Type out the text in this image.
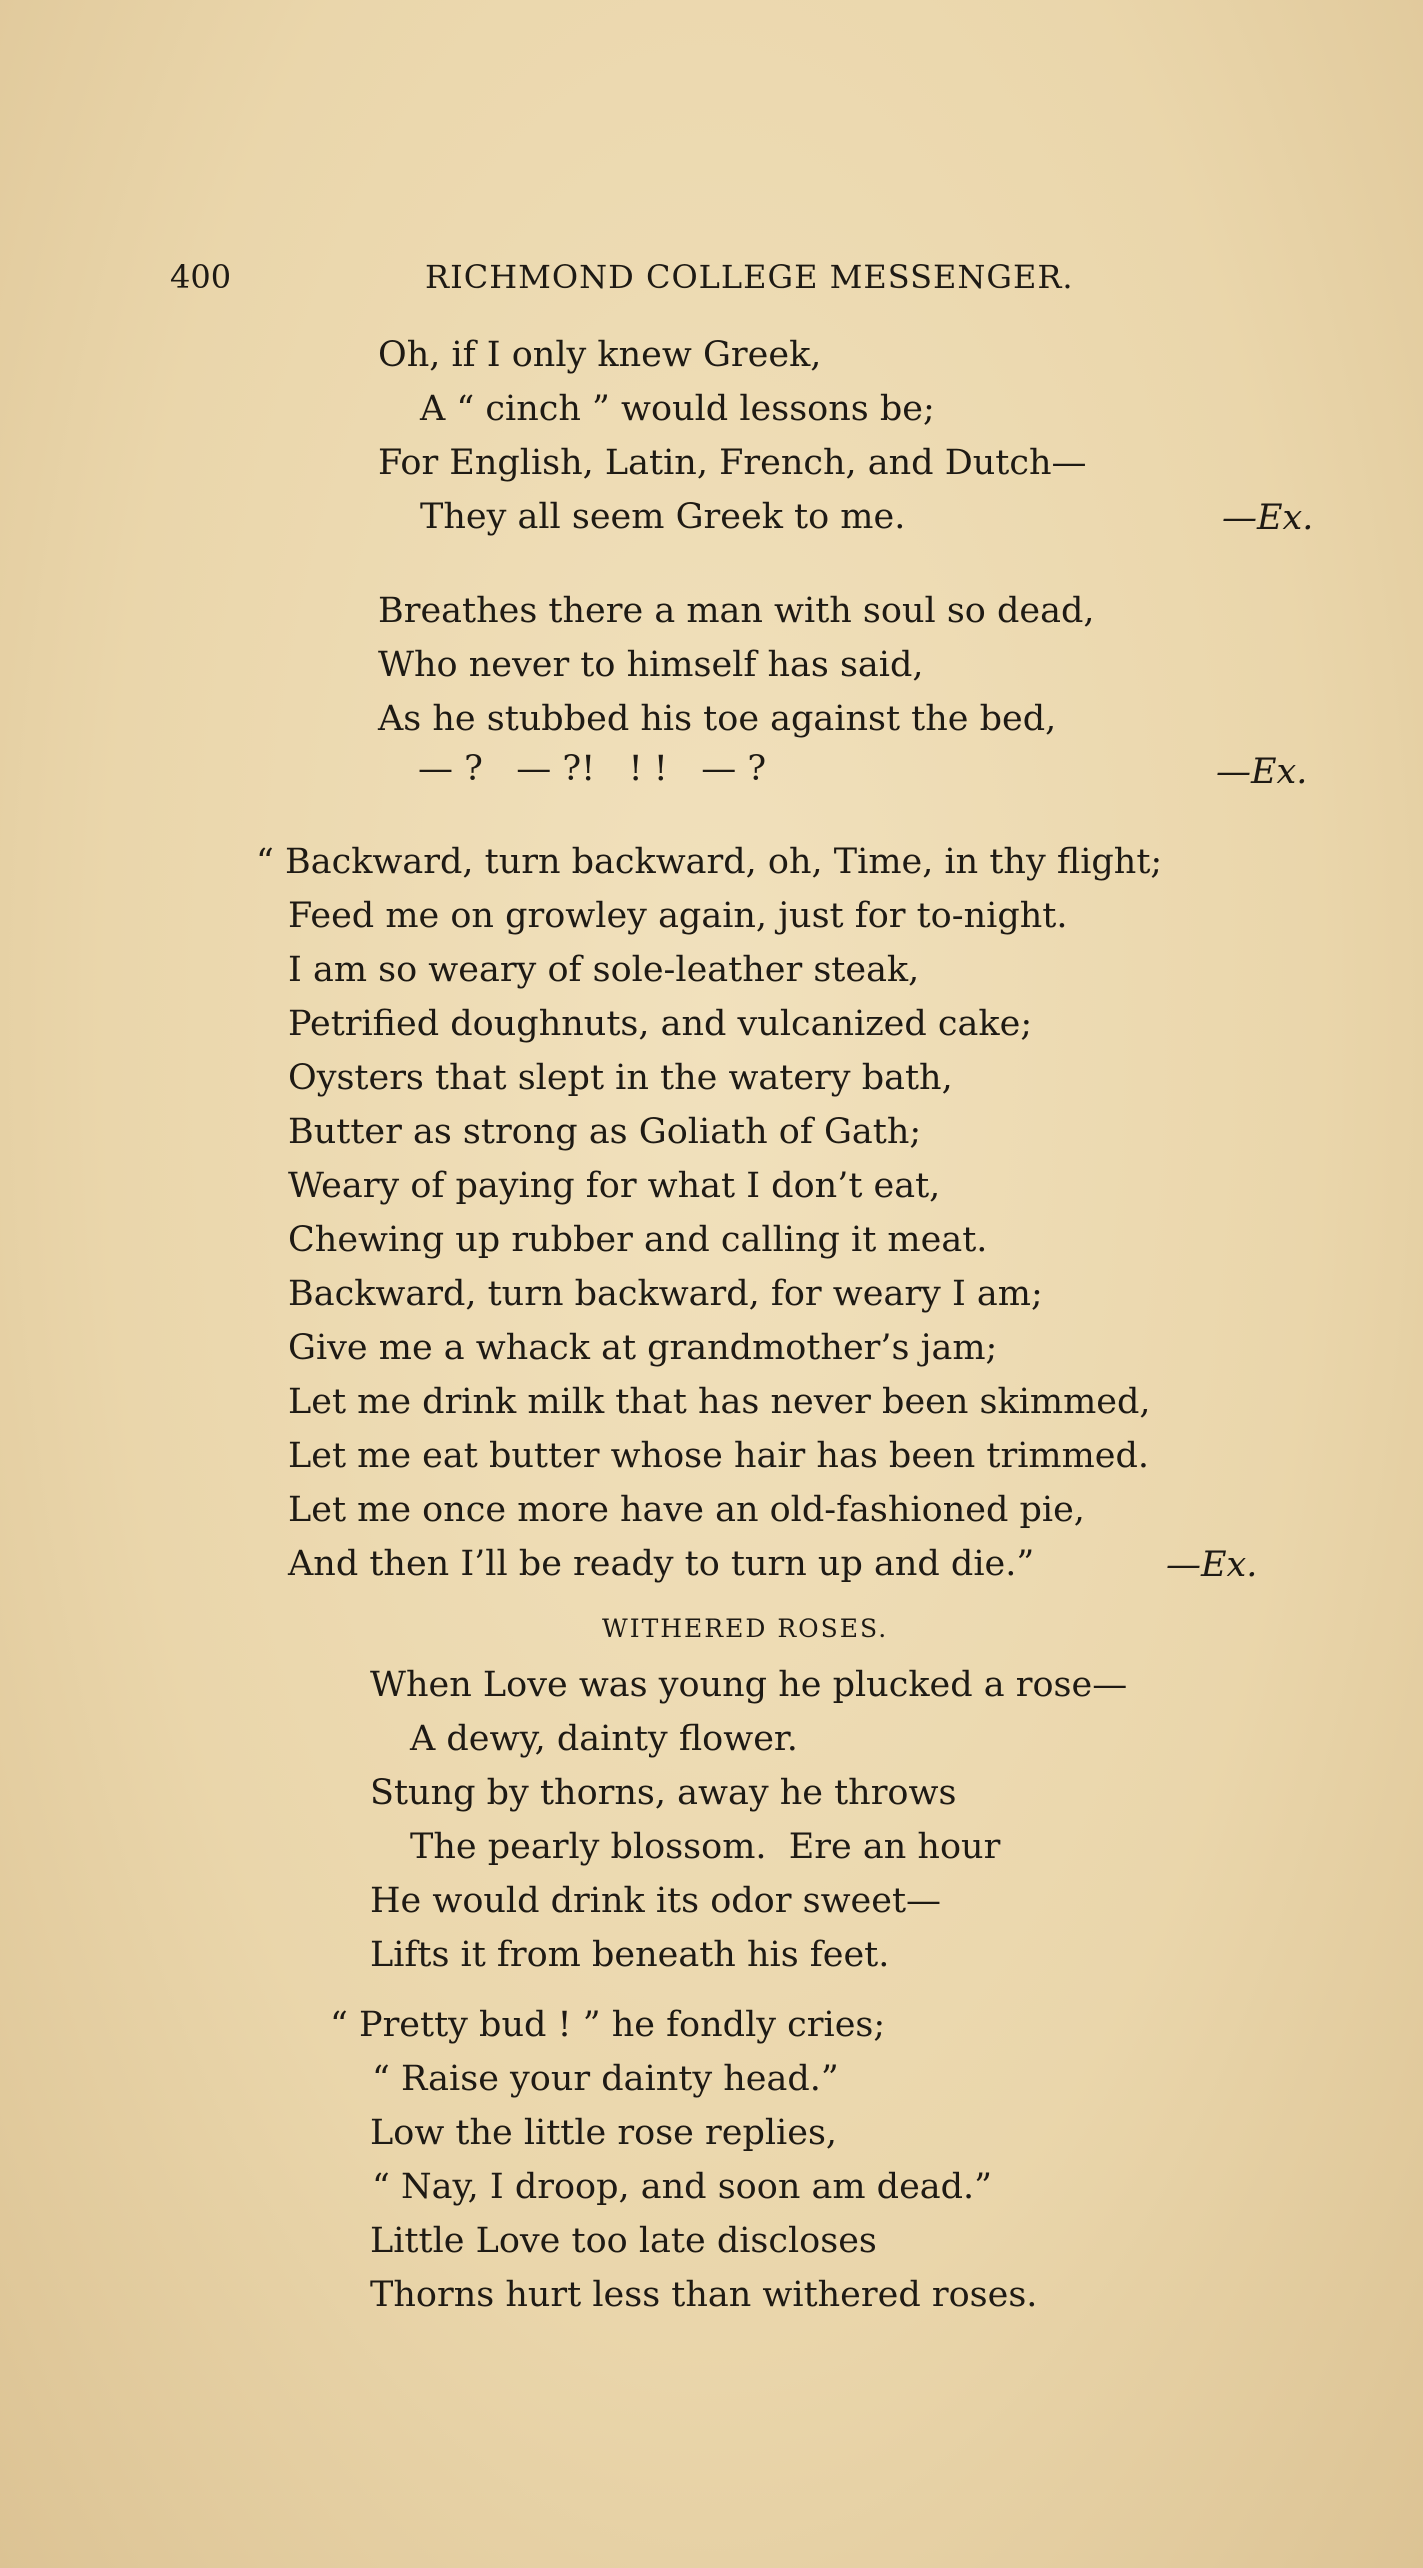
400	RICHMOND COLLEGE MESSENGER.
Oh, if I only knew Greek,
A “ cinch ” would lessons be;
For English, Latin, French, and Dutch—
They all seem Greek to me.	—Ex.
Breathes there a man with soul so dead,
Who never to himself has said,
As he stubbed his toe against the bed,
— ?   — ?!   ! !   — ?	—Ex.
“ Backward, turn backward, oh, Time, in thy flight;
Feed me on growley again, just for to-night.
I am so weary of sole-leather steak,
Petrified doughnuts, and vulcanized cake;
Oysters that slept in the watery bath,
Butter as strong as Goliath of Gath;
Weary of paying for what I don’t eat,
Chewing up rubber and calling it meat.
Backward, turn backward, for weary I am;
Give me a whack at grandmother’s jam;
Let me drink milk that has never been skimmed,
Let me eat butter whose hair has been trimmed.
Let me once more have an old-fashioned pie,
And then I’ll be ready to turn up and die.”	—Ex.
WITHERED ROSES.
When Love was young he plucked a rose—
A dewy, dainty flower.
Stung by thorns, away he throws
The pearly blossom.  Ere an hour
He would drink its odor sweet—
Lifts it from beneath his feet.
“ Pretty bud ! ” he fondly cries;
“ Raise your dainty head.”
Low the little rose replies,
“ Nay, I droop, and soon am dead.”
Little Love too late discloses
Thorns hurt less than withered roses.
